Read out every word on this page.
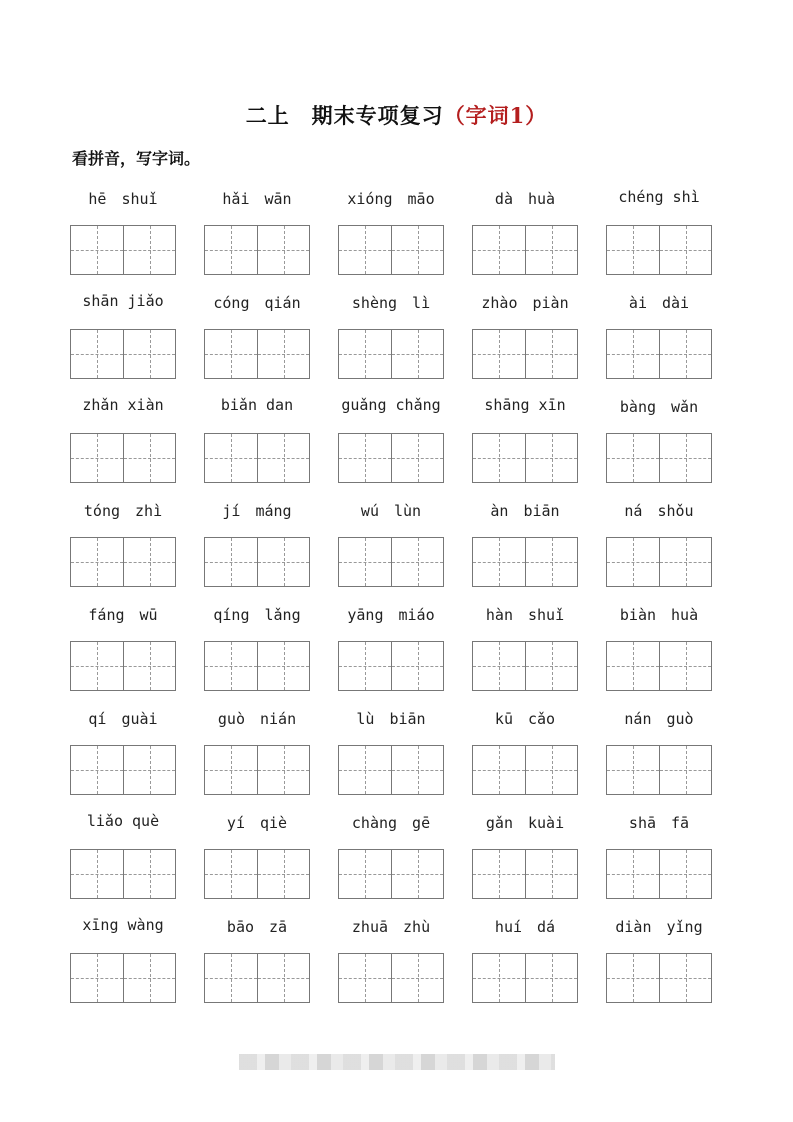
二上　期末专项复习（字词1）
看拼音，写字词。
hē　shuǐ	hǎi　wān	xióng　māo	dà　huà	chéng shì
shān jiǎo	cóng　qián	shèng　lì	zhào　piàn	ài　dài
zhǎn xiàn	biǎn dan	guǎng chǎng	shāng xīn	bàng　wǎn
tóng　zhì	jí　máng	wú　lùn	àn　biān	ná　shǒu
fáng　wū	qíng　lǎng	yāng　miáo	hàn　shuǐ	biàn　huà
qí　guài	guò　nián	lù　biān	kū　cǎo	nán　guò
liǎo què	yí　qiè	chàng　gē	gǎn　kuài	shā　fā
xīng wàng	bāo　zā	zhuā　zhù	huí　dá	diàn　yǐng
